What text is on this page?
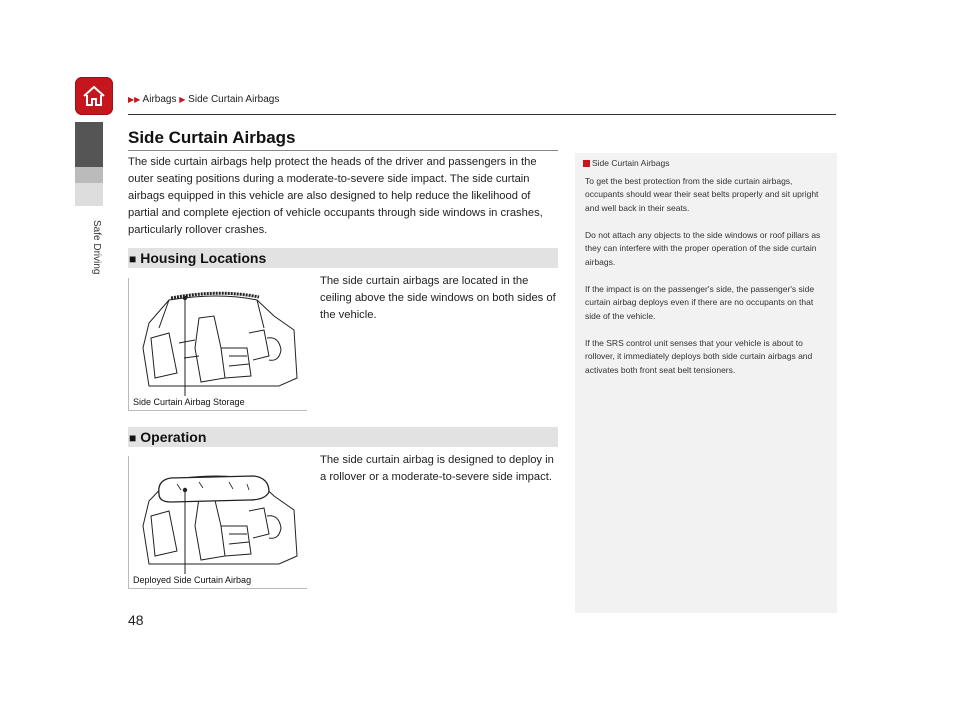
Safe Driving
▶▶ Airbags ▶ Side Curtain Airbags
Side Curtain Airbags
The side curtain airbags help protect the heads of the driver and passengers in the outer seating positions during a moderate-to-severe side impact. The side curtain airbags equipped in this vehicle are also designed to help reduce the likelihood of partial and complete ejection of vehicle occupants through side windows in crashes, particularly rollover crashes.
■ Housing Locations
The side curtain airbags are located in the ceiling above the side windows on both sides of the vehicle.
Side Curtain Airbag Storage
■ Operation
The side curtain airbag is designed to deploy in a rollover or a moderate-to-severe side impact.
Deployed Side Curtain Airbag
Side Curtain Airbags
To get the best protection from the side curtain airbags, occupants should wear their seat belts properly and sit upright and well back in their seats.
Do not attach any objects to the side windows or roof pillars as they can interfere with the proper operation of the side curtain airbags.
If the impact is on the passenger's side, the passenger's side curtain airbag deploys even if there are no occupants on that side of the vehicle.
If the SRS control unit senses that your vehicle is about to rollover, it immediately deploys both side curtain airbags and activates both front seat belt tensioners.
48
